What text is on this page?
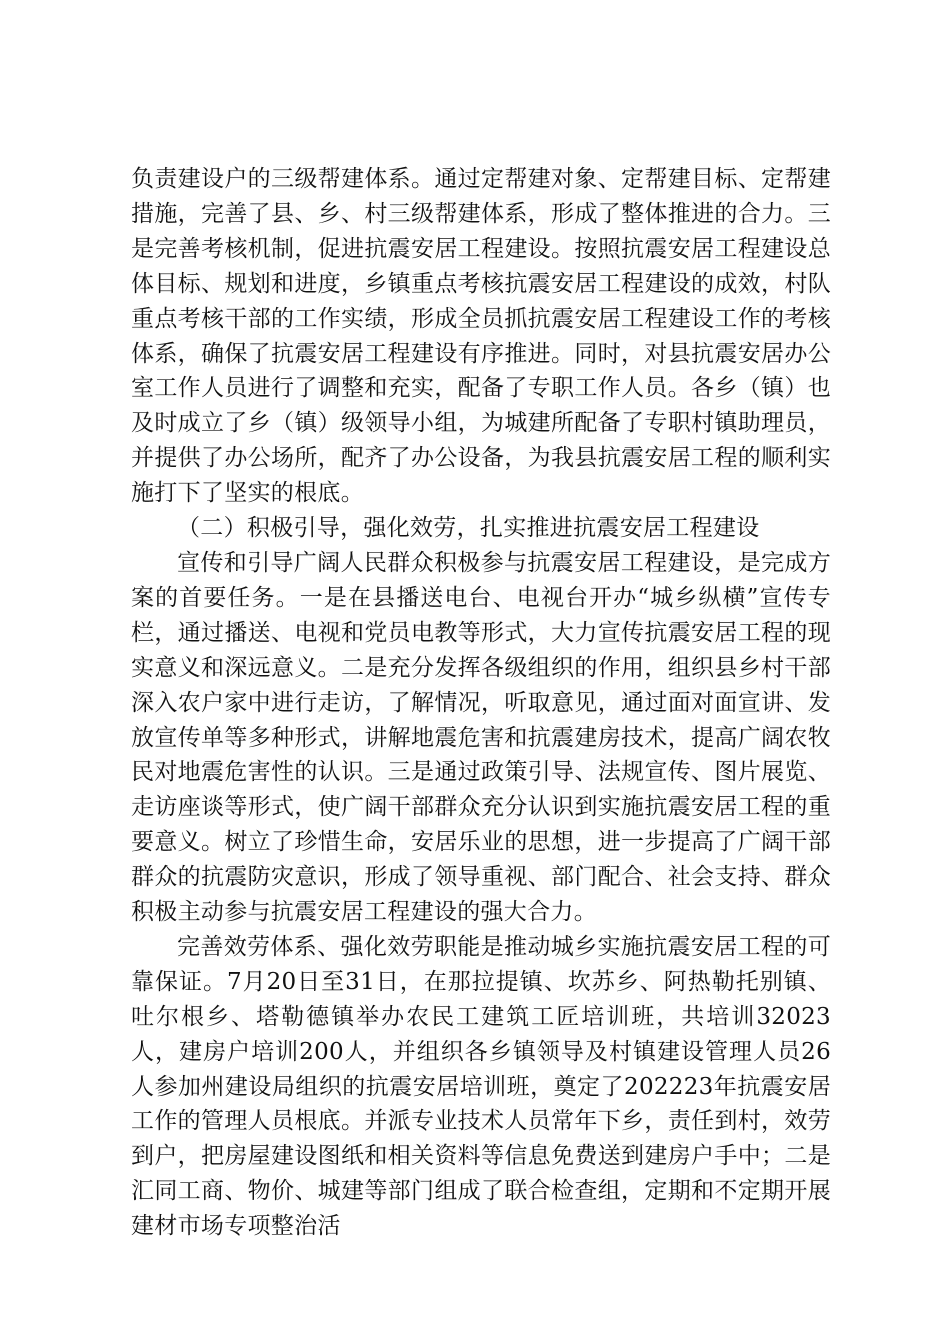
负责建设户的三级帮建体系。通过定帮建对象、定帮建目标、定帮建措施，完善了县、乡、村三级帮建体系，形成了整体推进的合力。三是完善考核机制，促进抗震安居工程建设。按照抗震安居工程建设总体目标、规划和进度，乡镇重点考核抗震安居工程建设的成效，村队重点考核干部的工作实绩，形成全员抓抗震安居工程建设工作的考核体系，确保了抗震安居工程建设有序推进。同时，对县抗震安居办公室工作人员进行了调整和充实，配备了专职工作人员。各乡（镇）也及时成立了乡（镇）级领导小组，为城建所配备了专职村镇助理员，并提供了办公场所，配齐了办公设备，为我县抗震安居工程的顺利实施打下了坚实的根底。

（二）积极引导，强化效劳，扎实推进抗震安居工程建设

宣传和引导广阔人民群众积极参与抗震安居工程建设，是完成方案的首要任务。一是在县播送电台、电视台开办“城乡纵横”宣传专栏，通过播送、电视和党员电教等形式，大力宣传抗震安居工程的现实意义和深远意义。二是充分发挥各级组织的作用，组织县乡村干部深入农户家中进行走访，了解情况，听取意见，通过面对面宣讲、发放宣传单等多种形式，讲解地震危害和抗震建房技术，提高广阔农牧民对地震危害性的认识。三是通过政策引导、法规宣传、图片展览、走访座谈等形式，使广阔干部群众充分认识到实施抗震安居工程的重要意义。树立了珍惜生命，安居乐业的思想，进一步提高了广阔干部群众的抗震防灾意识，形成了领导重视、部门配合、社会支持、群众积极主动参与抗震安居工程建设的强大合力。

完善效劳体系、强化效劳职能是推动城乡实施抗震安居工程的可靠保证。7月20日至31日，在那拉提镇、坎苏乡、阿热勒托别镇、吐尔根乡、塔勒德镇举办农民工建筑工匠培训班，共培训32023人，建房户培训200人，并组织各乡镇领导及村镇建设管理人员26人参加州建设局组织的抗震安居培训班，奠定了202223年抗震安居工作的管理人员根底。并派专业技术人员常年下乡，责任到村，效劳到户，把房屋建设图纸和相关资料等信息免费送到建房户手中；二是汇同工商、物价、城建等部门组成了联合检查组，定期和不定期开展建材市场专项整治活
